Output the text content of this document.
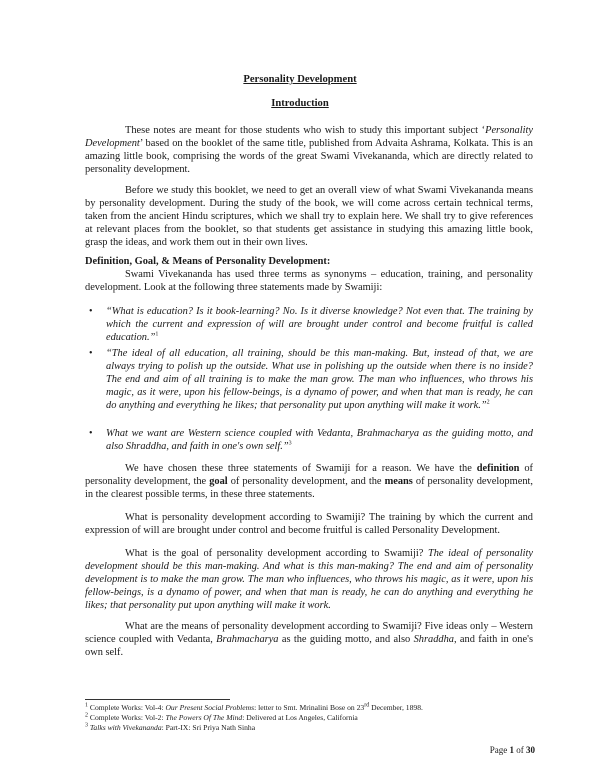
Personality Development
Introduction
These notes are meant for those students who wish to study this important subject ‘Personality Development’ based on the booklet of the same title, published from Advaita Ashrama, Kolkata. This is an amazing little book, comprising the words of the great Swami Vivekananda, which are directly related to personality development.
Before we study this booklet, we need to get an overall view of what Swami Vivekananda means by personality development. During the study of the book, we will come across certain technical terms, taken from the ancient Hindu scriptures, which we shall try to explain here. We shall try to give references at relevant places from the booklet, so that students get assistance in studying this amazing little book, grasp the ideas, and work them out in their own lives.
Definition, Goal, & Means of Personality Development:
Swami Vivekananda has used three terms as synonyms – education, training, and personality development. Look at the following three statements made by Swamiji:
• “What is education? Is it book-learning? No. Is it diverse knowledge? Not even that. The training by which the current and expression of will are brought under control and become fruitful is called education.”$^1$
• “The ideal of all education, all training, should be this man-making. But, instead of that, we are always trying to polish up the outside. What use in polishing up the outside when there is no inside? The end and aim of all training is to make the man grow. The man who influences, who throws his magic, as it were, upon his fellow-beings, is a dynamo of power, and when that man is ready, he can do anything and everything he likes; that personality put upon anything will make it work.”$^2$
• What we want are Western science coupled with Vedanta, Brahmacharya as the guiding motto, and also Shraddha, and faith in one's own self.”$^3$
We have chosen these three statements of Swamiji for a reason. We have the definition of personality development, the goal of personality development, and the means of personality development, in the clearest possible terms, in these three statements.
What is personality development according to Swamiji? The training by which the current and expression of will are brought under control and become fruitful is called Personality Development.
What is the goal of personality development according to Swamiji? The ideal of personality development should be this man-making. And what is this man-making? The end and aim of personality development is to make the man grow. The man who influences, who throws his magic, as it were, upon his fellow-beings, is a dynamo of power, and when that man is ready, he can do anything and everything he likes; that personality put upon anything will make it work.
What are the means of personality development according to Swamiji? Five ideas only – Western science coupled with Vedanta, Brahmacharya as the guiding motto, and also Shraddha, and faith in one's own self.
$^1$ Complete Works: Vol-4: Our Present Social Problems: letter to Smt. Mrinalini Bose on 23rd December, 1898.
$^2$ Complete Works: Vol-2: The Powers Of The Mind: Delivered at Los Angeles, California
$^3$ Talks with Vivekananda: Part-IX: Sri Priya Nath Sinha
Page 1 of 30
